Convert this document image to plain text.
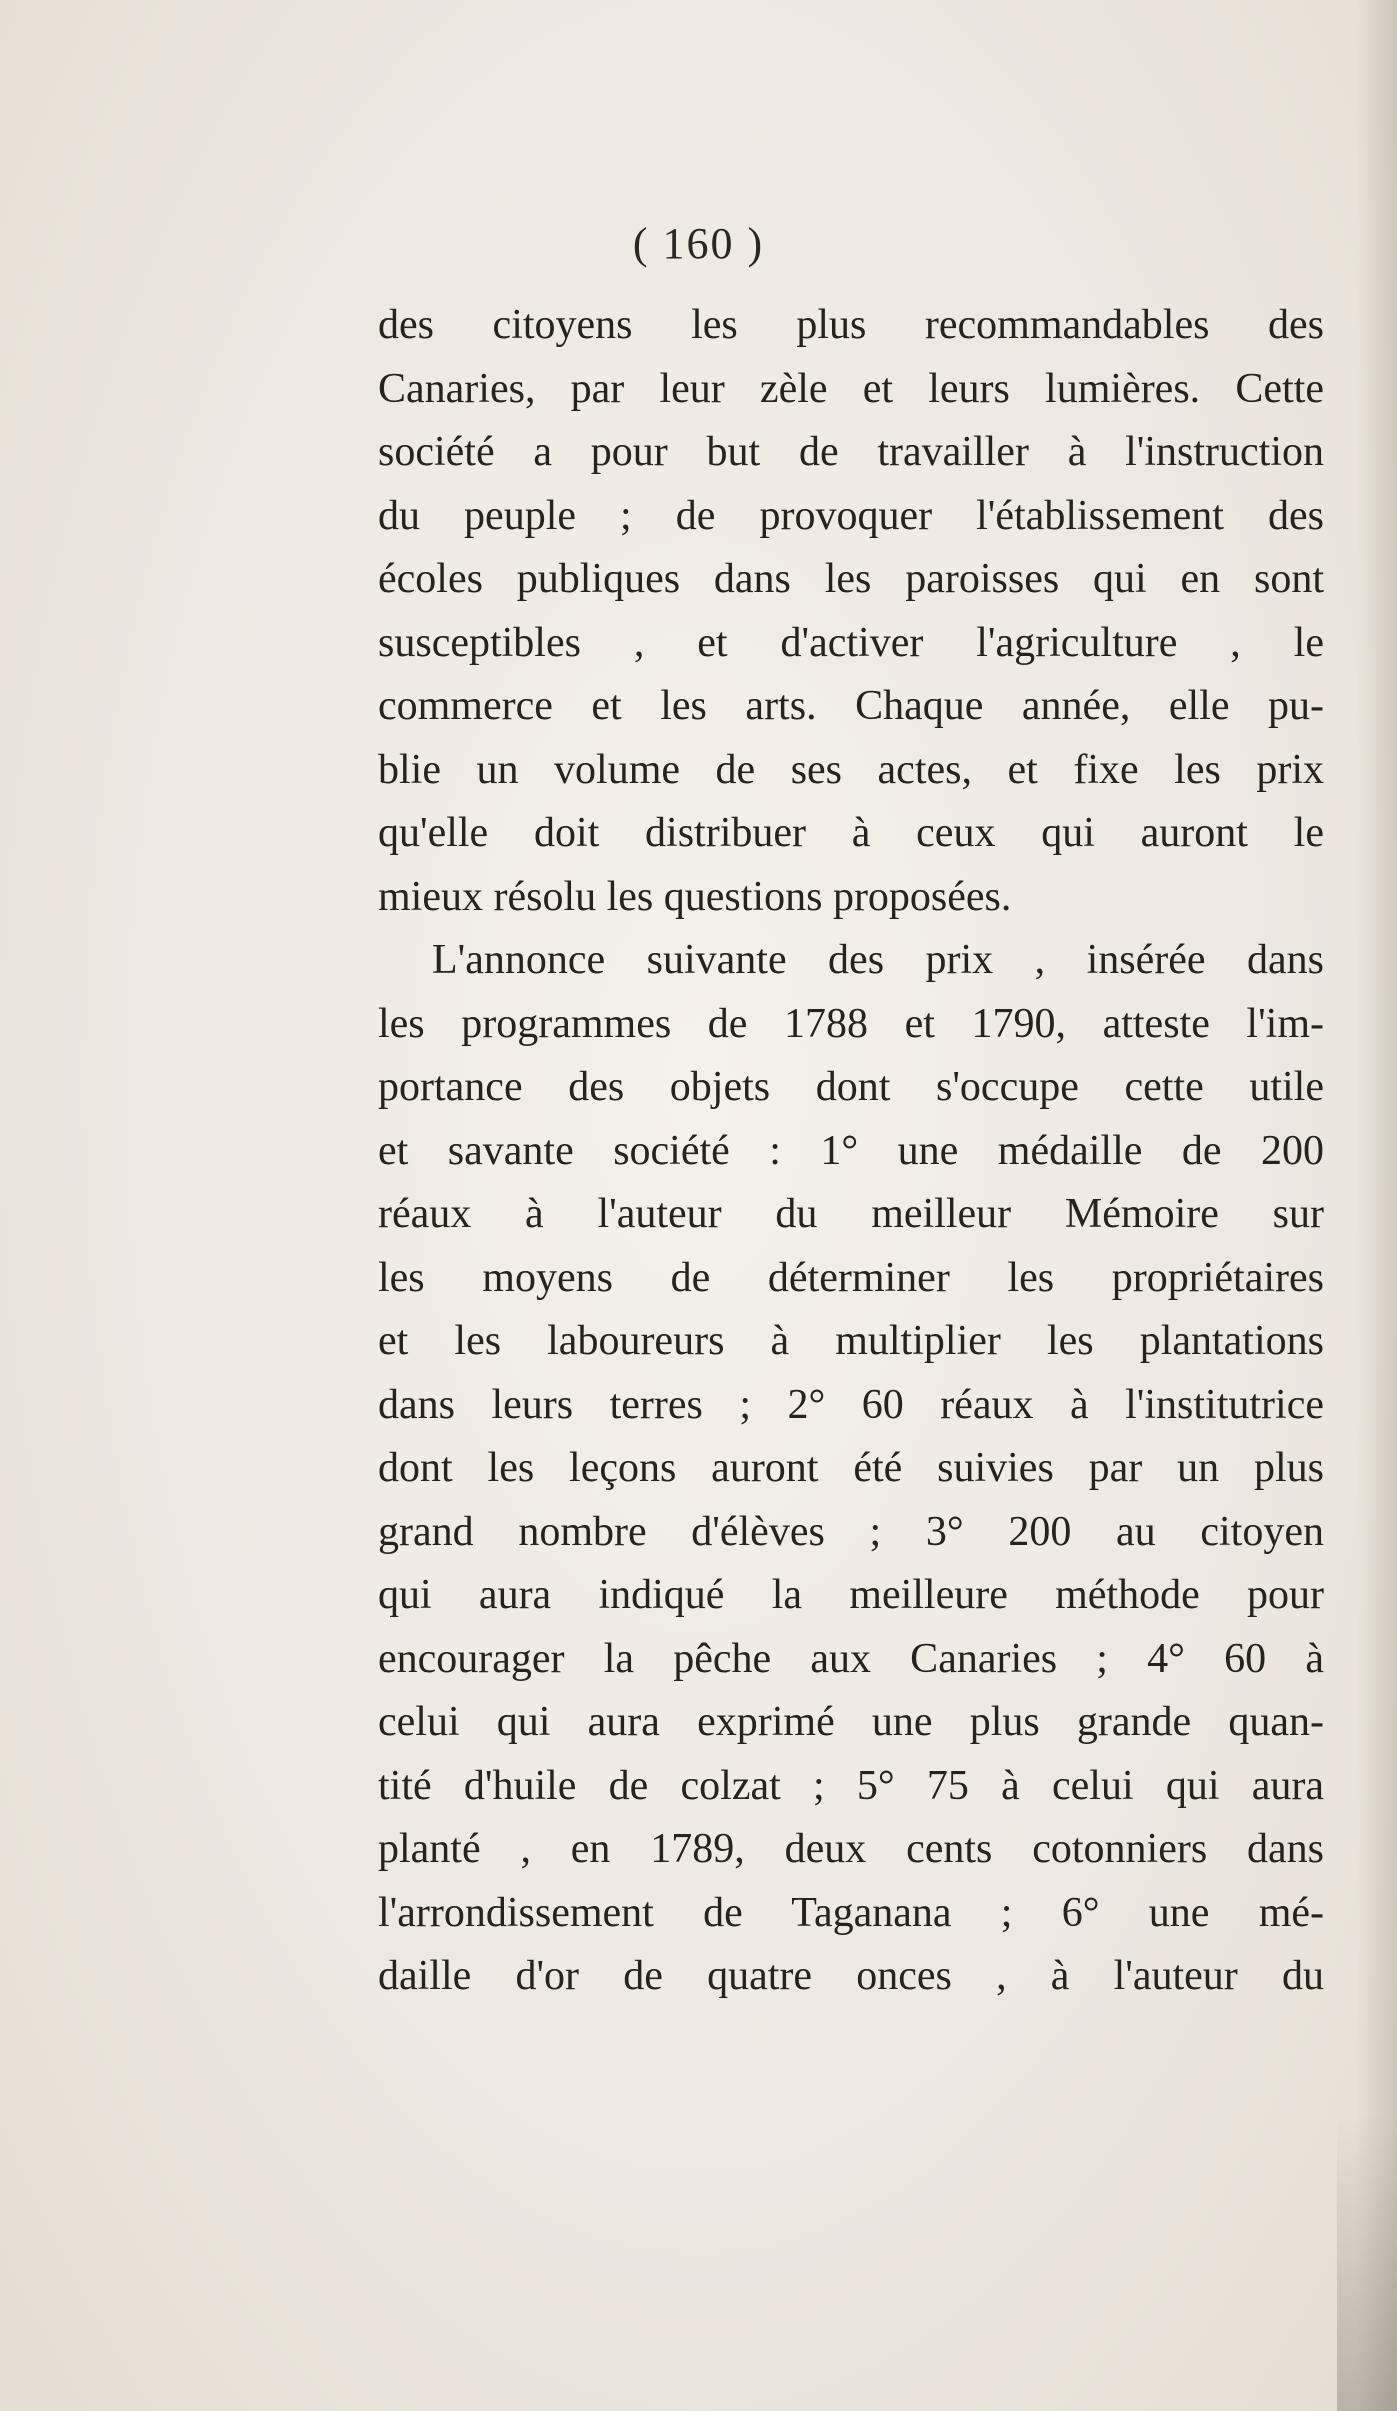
( 160 )
des citoyens les plus recommandables des
Canaries, par leur zèle et leurs lumières. Cette
société a pour but de travailler à l'instruction
du peuple ; de provoquer l'établissement des
écoles publiques dans les paroisses qui en sont
susceptibles , et d'activer l'agriculture , le
commerce et les arts. Chaque année, elle pu-
blie un volume de ses actes, et fixe les prix
qu'elle doit distribuer à ceux qui auront le
mieux résolu les questions proposées.
L'annonce suivante des prix , insérée dans
les programmes de 1788 et 1790, atteste l'im-
portance des objets dont s'occupe cette utile
et savante société : 1° une médaille de 200
réaux à l'auteur du meilleur Mémoire sur
les moyens de déterminer les propriétaires
et les laboureurs à multiplier les plantations
dans leurs terres ; 2° 60 réaux à l'institutrice
dont les leçons auront été suivies par un plus
grand nombre d'élèves ; 3° 200 au citoyen
qui aura indiqué la meilleure méthode pour
encourager la pêche aux Canaries ; 4° 60 à
celui qui aura exprimé une plus grande quan-
tité d'huile de colzat ; 5° 75 à celui qui aura
planté , en 1789, deux cents cotonniers dans
l'arrondissement de Taganana ; 6° une mé-
daille d'or de quatre onces , à l'auteur du
